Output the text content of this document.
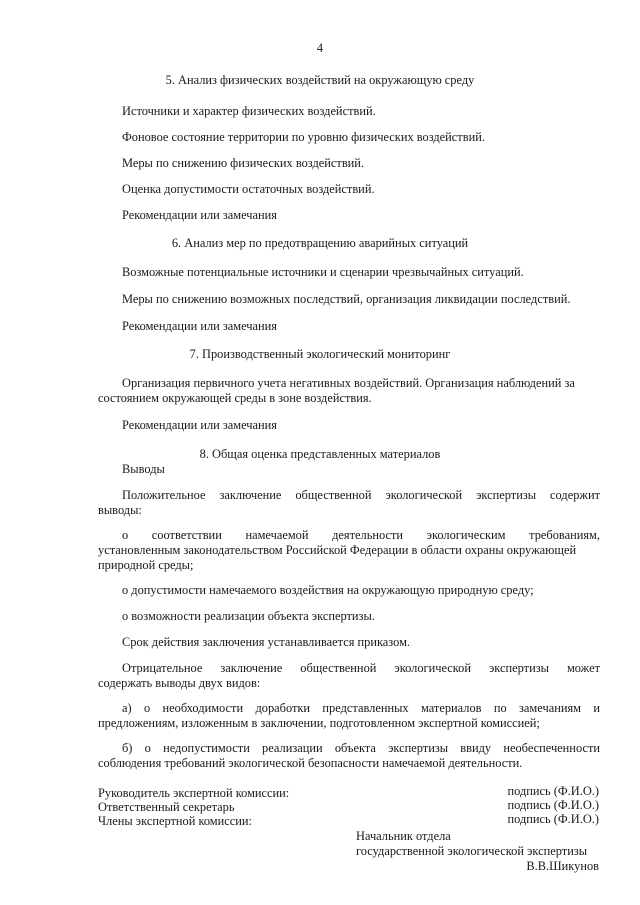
4
5. Анализ физических воздействий на окружающую среду
Источники и характер физических воздействий.
Фоновое состояние территории по уровню физических воздействий.
Меры по снижению физических воздействий.
Оценка допустимости остаточных воздействий.
Рекомендации или замечания
6. Анализ мер по предотвращению аварийных ситуаций
Возможные потенциальные источники и сценарии чрезвычайных ситуаций.
Меры по снижению возможных последствий, организация ликвидации последствий.
Рекомендации или замечания
7. Производственный экологический мониторинг
Организация первичного учета негативных воздействий. Организация наблюдений за
состоянием окружающей среды в зоне воздействия.
Рекомендации или замечания
8. Общая оценка представленных материалов
Выводы
Положительное заключение общественной экологической экспертизы содержит
выводы:
о соответствии намечаемой деятельности экологическим требованиям,
установленным законодательством Российской Федерации в области охраны окружающей
природной среды;
о допустимости намечаемого воздействия на окружающую природную среду;
о возможности реализации объекта экспертизы.
Срок действия заключения устанавливается приказом.
Отрицательное заключение общественной экологической экспертизы может
содержать выводы двух видов:
а) о необходимости доработки представленных материалов по замечаниям и
предложениям, изложенным в заключении, подготовленном экспертной комиссией;
б) о недопустимости реализации объекта экспертизы ввиду необеспеченности
соблюдения требований экологической безопасности намечаемой деятельности.
Руководитель экспертной комиссии:	подпись (Ф.И.О.)
Ответственный секретарь	подпись (Ф.И.О.)
Члены экспертной комиссии:	подпись (Ф.И.О.)
Начальник отдела
государственной экологической экспертизы
В.В.Шикунов
